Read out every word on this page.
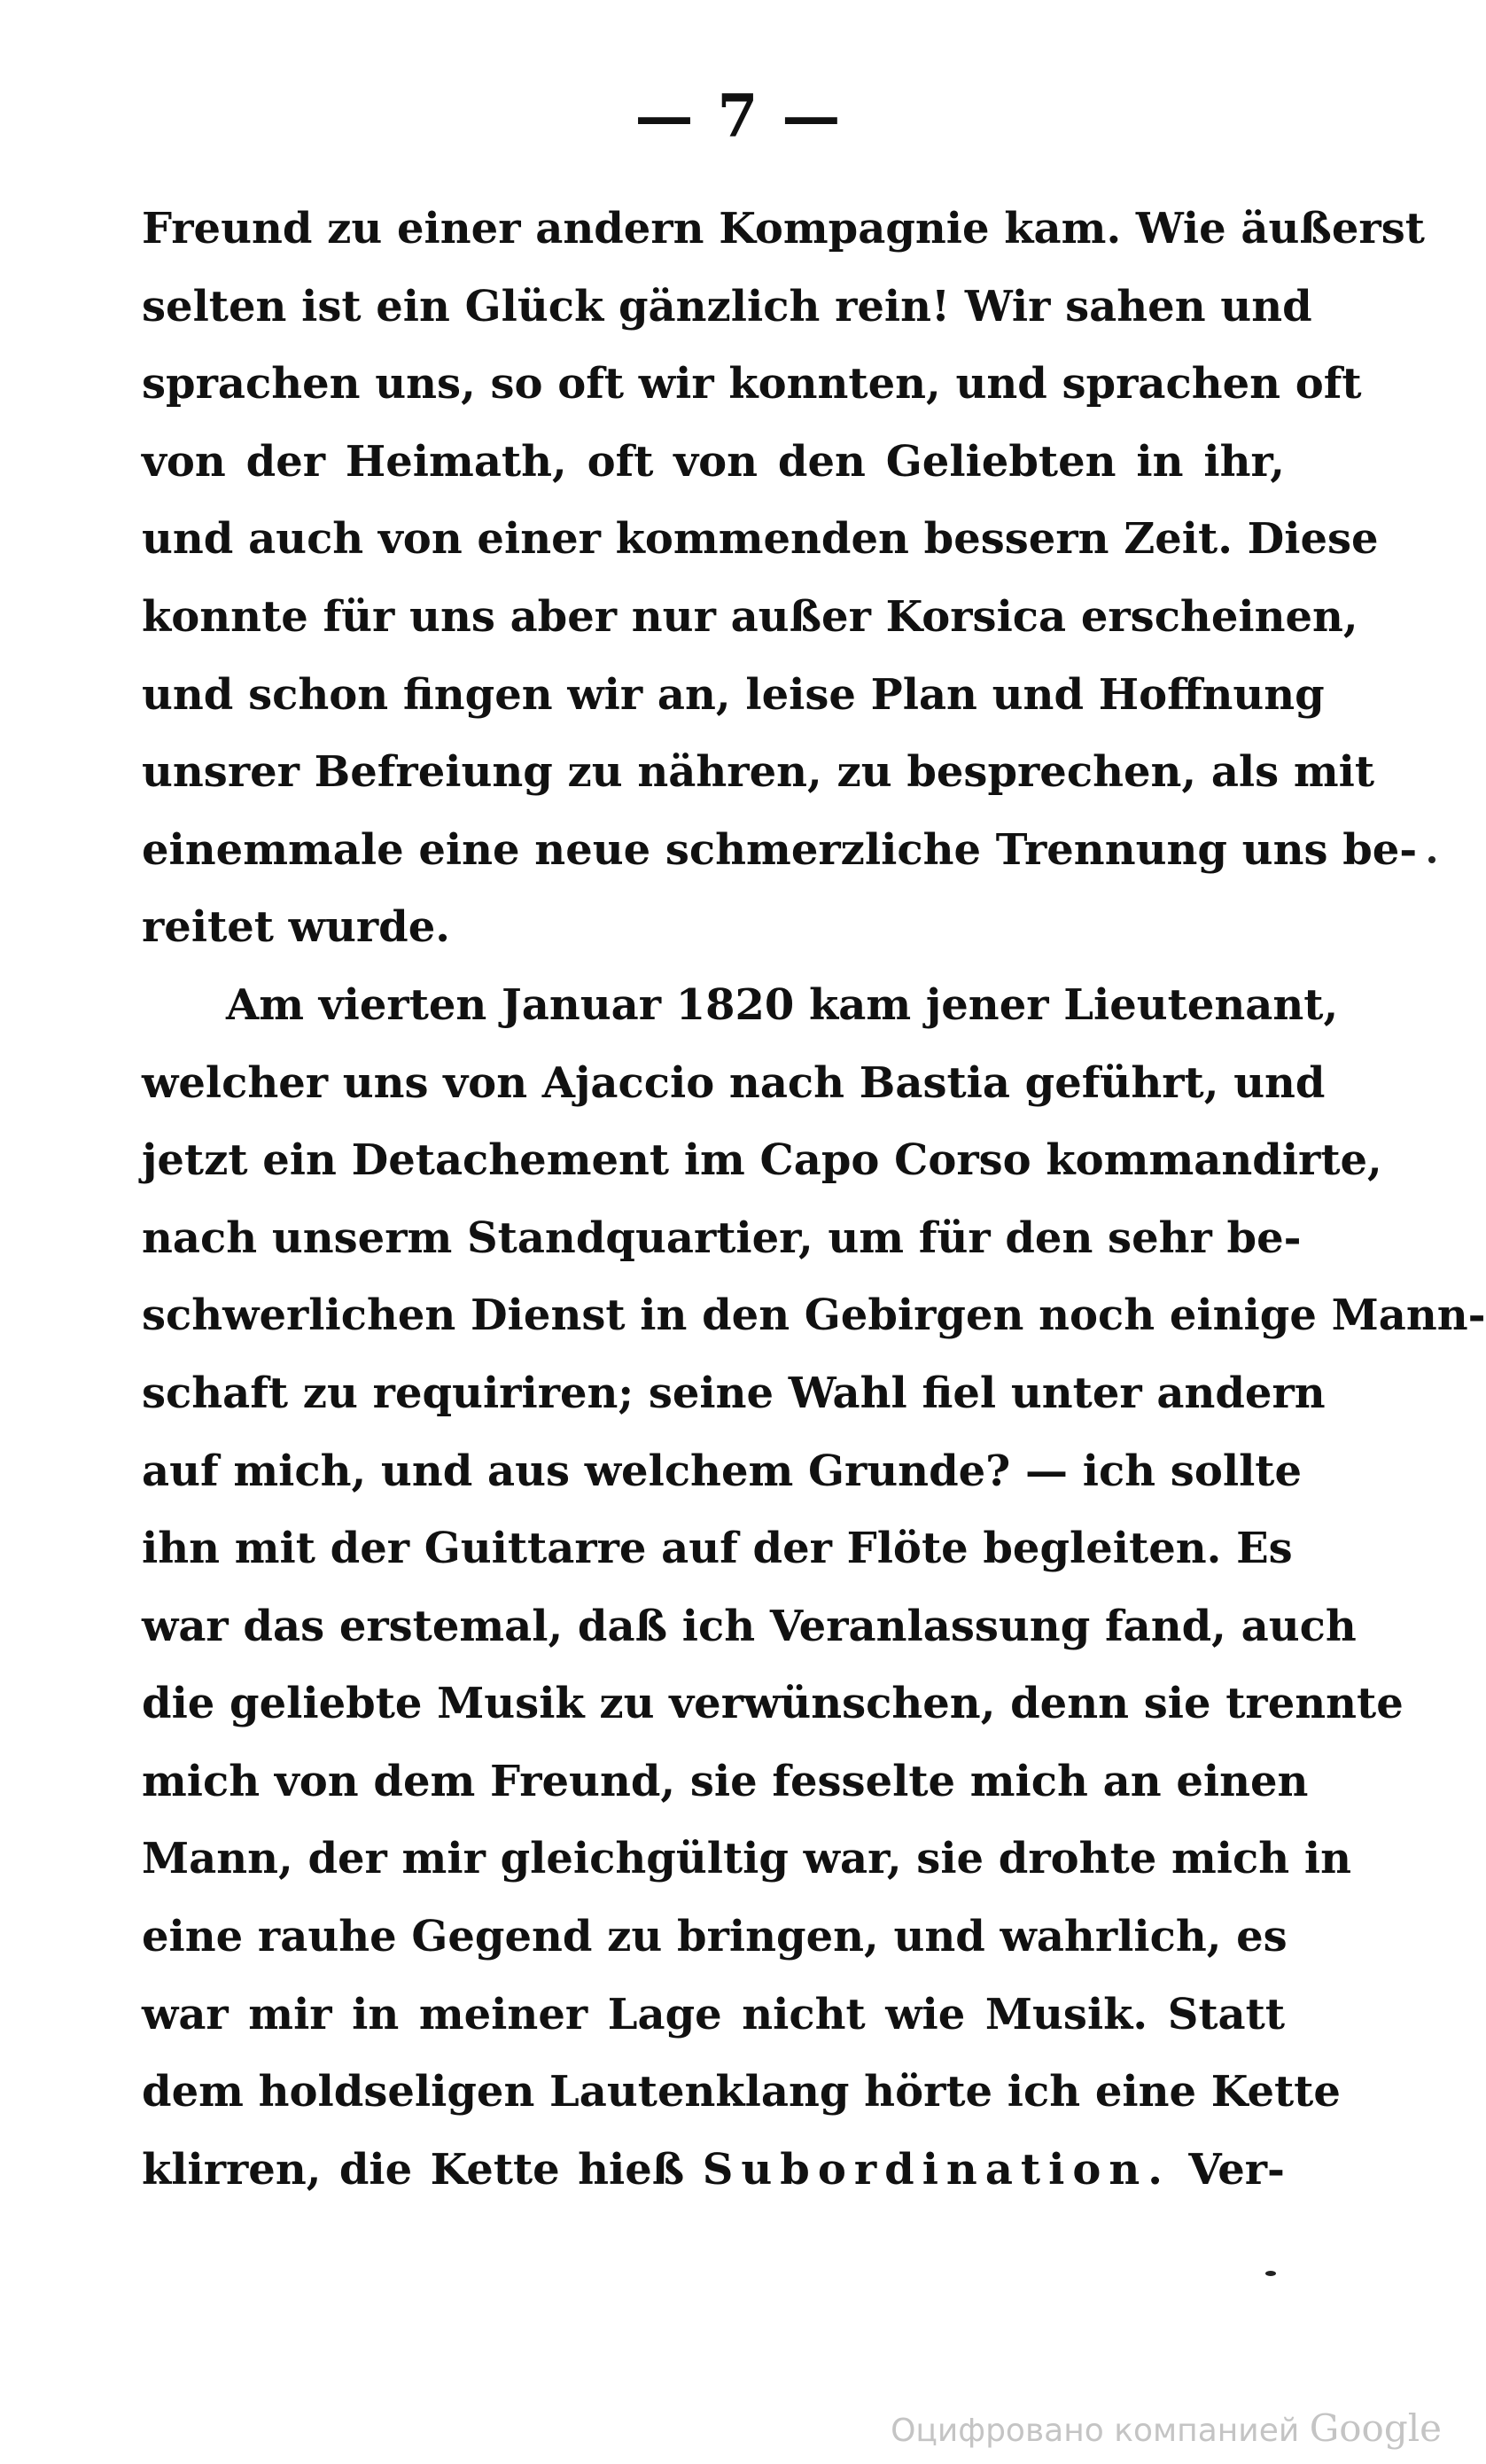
— 7 —
Freund zu einer andern Kompagnie kam. Wie äußerst
selten ist ein Glück gänzlich rein! Wir sahen und
sprachen uns, so oft wir konnten, und sprachen oft
von der Heimath, oft von den Geliebten in ihr,
und auch von einer kommenden bessern Zeit. Diese
konnte für uns aber nur außer Korsica erscheinen,
und schon fingen wir an, leise Plan und Hoffnung
unsrer Befreiung zu nähren, zu besprechen, als mit
einemmale eine neue schmerzliche Trennung uns be-
reitet wurde.
Am vierten Januar 1820 kam jener Lieutenant,
welcher uns von Ajaccio nach Bastia geführt, und
jetzt ein Detachement im Capo Corso kommandirte,
nach unserm Standquartier, um für den sehr be-
schwerlichen Dienst in den Gebirgen noch einige Mann-
schaft zu requiriren; seine Wahl fiel unter andern
auf mich, und aus welchem Grunde? — ich sollte
ihn mit der Guittarre auf der Flöte begleiten. Es
war das erstemal, daß ich Veranlassung fand, auch
die geliebte Musik zu verwünschen, denn sie trennte
mich von dem Freund, sie fesselte mich an einen
Mann, der mir gleichgültig war, sie drohte mich in
eine rauhe Gegend zu bringen, und wahrlich, es
war mir in meiner Lage nicht wie Musik. Statt
dem holdseligen Lautenklang hörte ich eine Kette
klirren, die Kette hieß Subordination. Ver-
Оцифровано компанией Google
